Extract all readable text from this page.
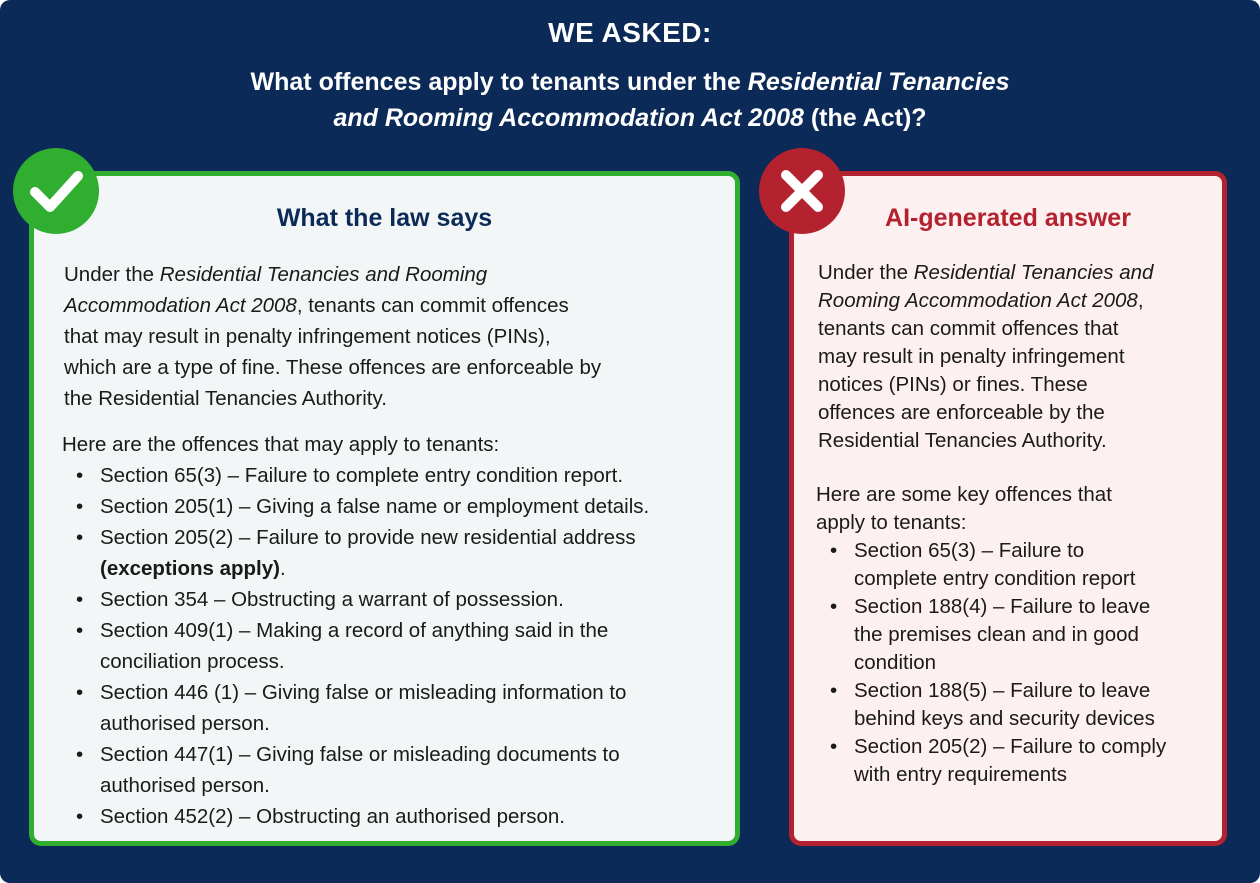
WE ASKED:
What offences apply to tenants under the Residential Tenancies
and Rooming Accommodation Act 2008 (the Act)?
What the law says
Under the Residential Tenancies and Rooming
Accommodation Act 2008, tenants can commit offences
that may result in penalty infringement notices (PINs),
which are a type of fine. These offences are enforceable by
the Residential Tenancies Authority.
Here are the offences that may apply to tenants:
• Section 65(3) – Failure to complete entry condition report.
• Section 205(1) – Giving a false name or employment details.
• Section 205(2) – Failure to provide new residential address
(exceptions apply).
• Section 354 – Obstructing a warrant of possession.
• Section 409(1) – Making a record of anything said in the
conciliation process.
• Section 446 (1) – Giving false or misleading information to
authorised person.
• Section 447(1) – Giving false or misleading documents to
authorised person.
• Section 452(2) – Obstructing an authorised person.
AI-generated answer
Under the Residential Tenancies and
Rooming Accommodation Act 2008,
tenants can commit offences that
may result in penalty infringement
notices (PINs) or fines. These
offences are enforceable by the
Residential Tenancies Authority.
Here are some key offences that
apply to tenants:
• Section 65(3) – Failure to
complete entry condition report
• Section 188(4) – Failure to leave
the premises clean and in good
condition
• Section 188(5) – Failure to leave
behind keys and security devices
• Section 205(2) – Failure to comply
with entry requirements
